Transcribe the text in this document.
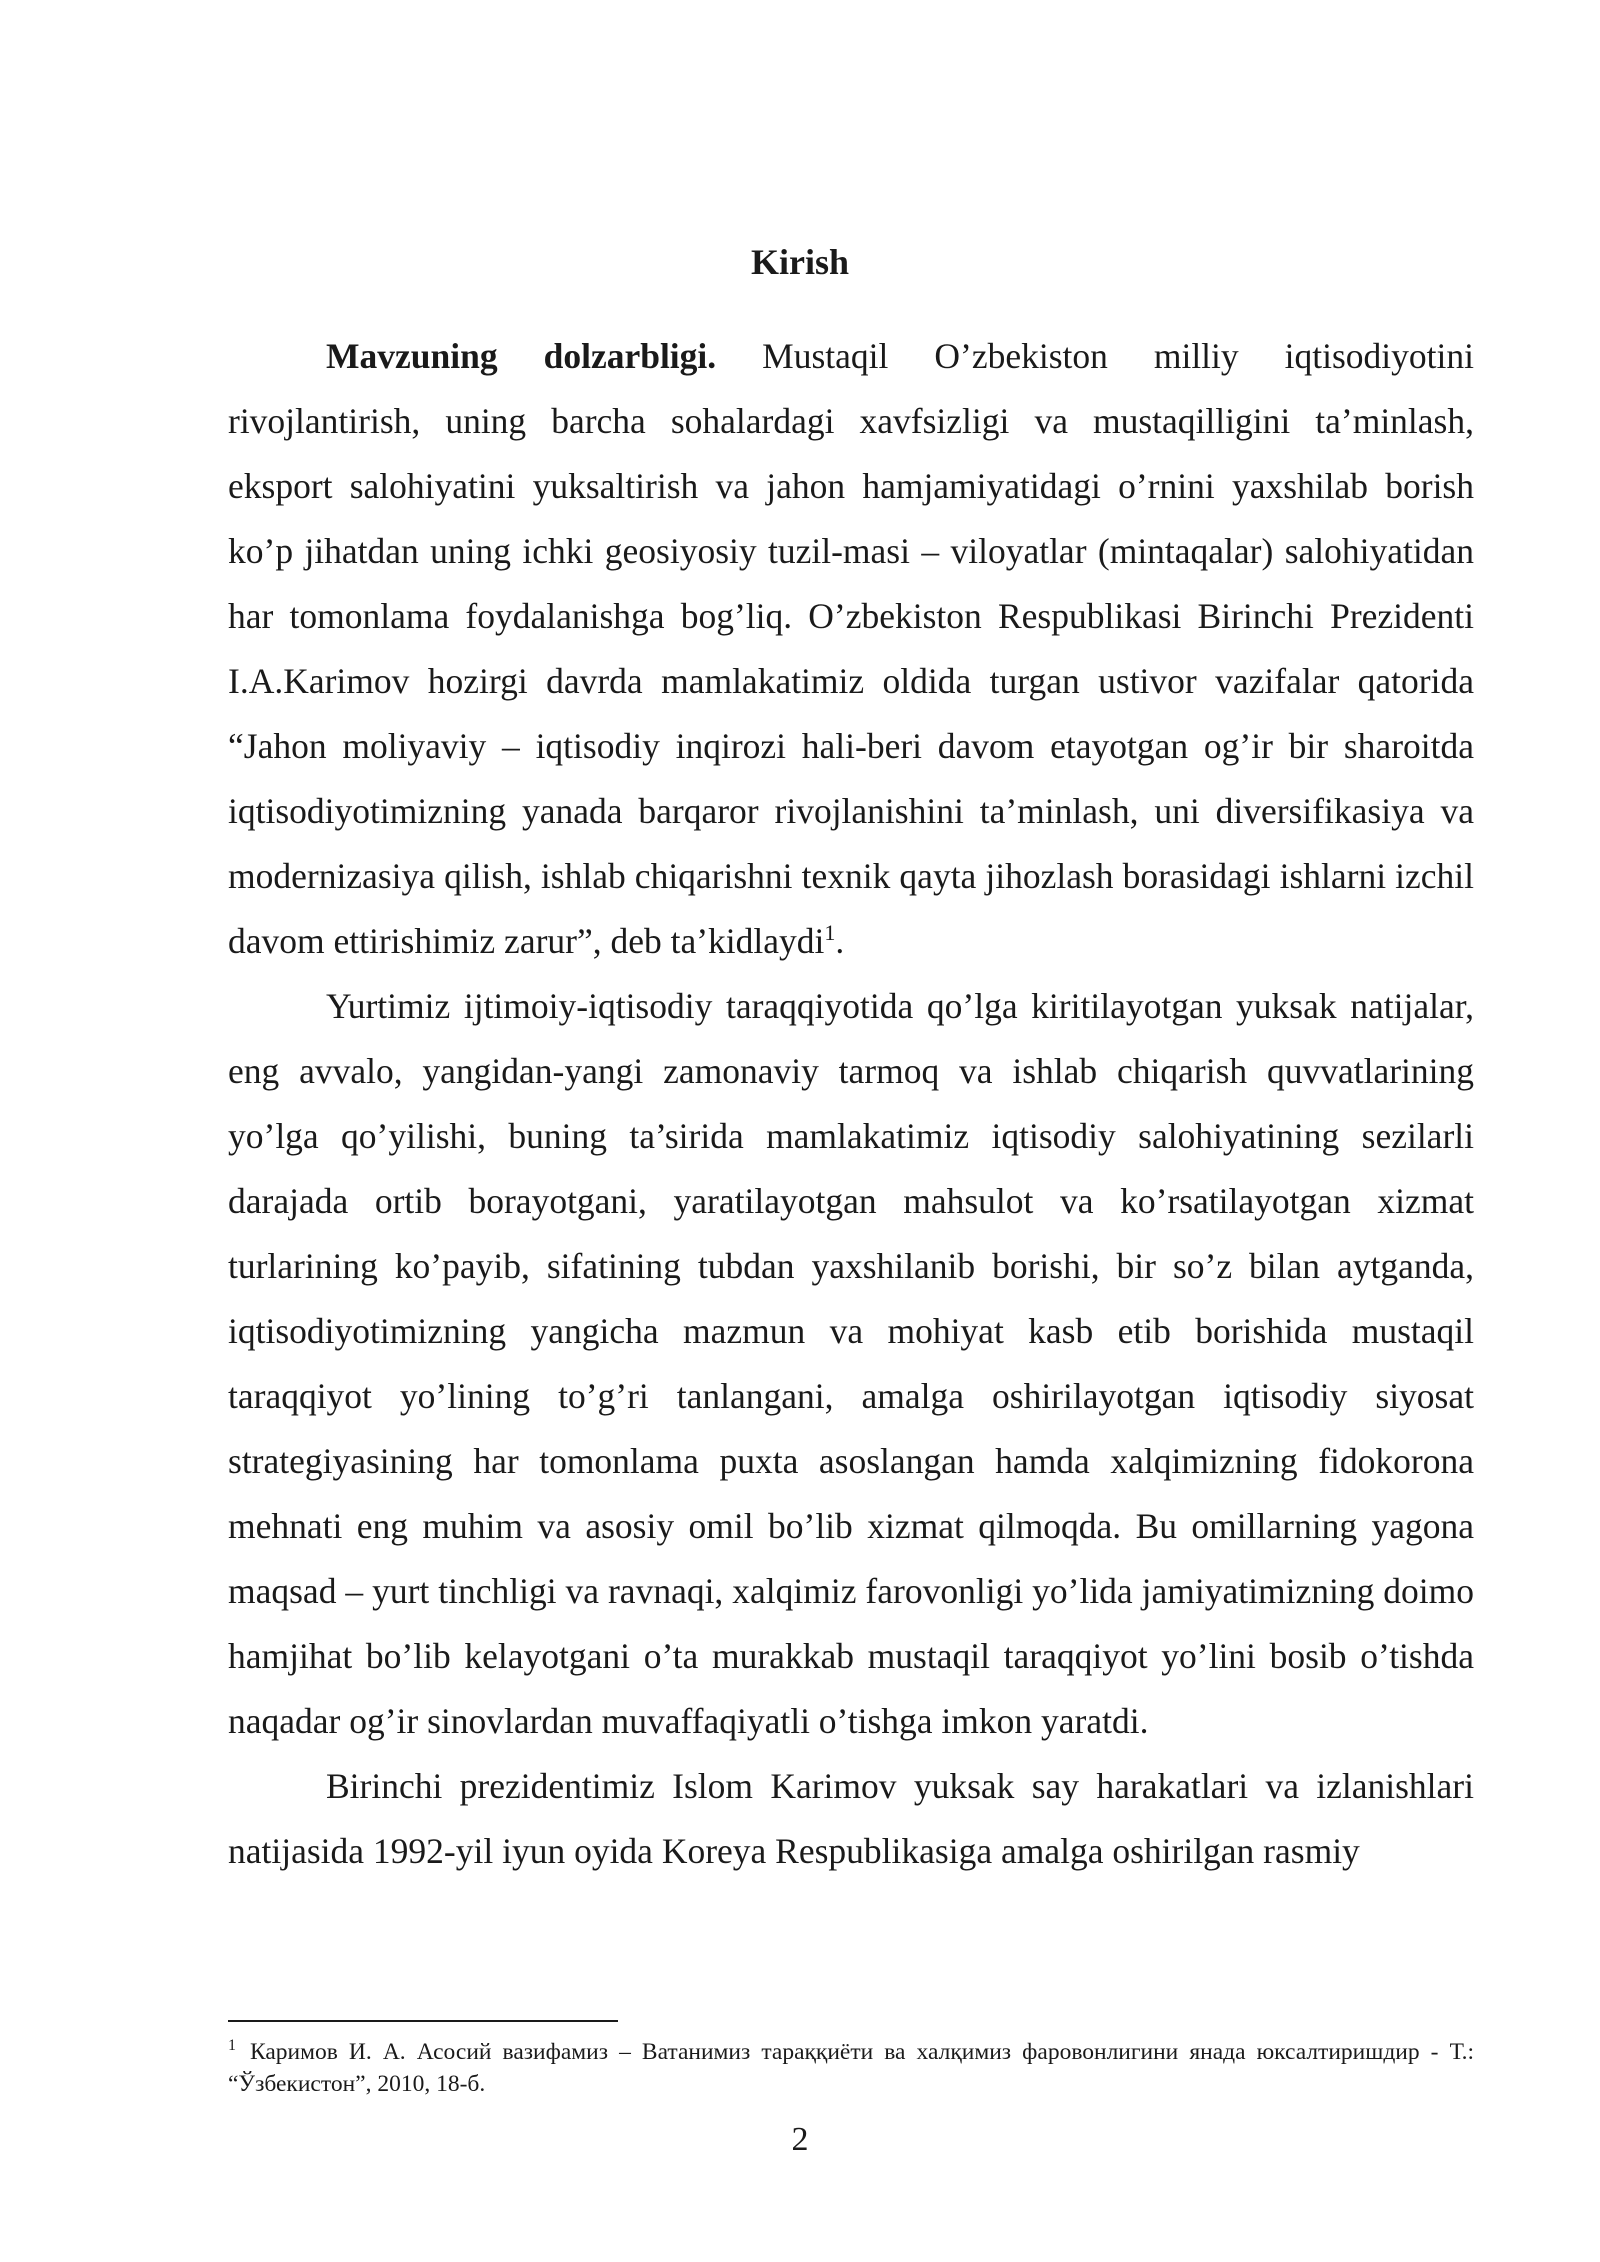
Kirish

Mavzuning dolzarbligi. Mustaqil O’zbekiston milliy iqtisodiyotini rivojlantirish, uning barcha sohalardagi xavfsizligi va mustaqilligini ta’minlash, eksport salohiyatini yuksaltirish va jahon hamjamiyatidagi o’rnini yaxshilab borish ko’p jihatdan uning ichki geosiyosiy tuzil-masi – viloyatlar (mintaqalar) salohiyatidan har tomonlama foydalanishga bog’liq. O’zbekiston Respublikasi Birinchi Prezidenti I.A.Karimov hozirgi davrda mamlakatimiz oldida turgan ustivor vazifalar qatorida “Jahon moliyaviy – iqtisodiy inqirozi hali-beri davom etayotgan og’ir bir sharoitda iqtisodiyotimizning yanada barqaror rivojlanishini ta’minlash, uni diversifikasiya va modernizasiya qilish, ishlab chiqarishni texnik qayta jihozlash borasidagi ishlarni izchil davom ettirishimiz zarur”, deb ta’kidlaydi$^1$.

Yurtimiz ijtimoiy-iqtisodiy taraqqiyotida qo’lga kiritilayotgan yuksak natijalar, eng avvalo, yangidan-yangi zamonaviy tarmoq va ishlab chiqarish quvvatlarining yo’lga qo’yilishi, buning ta’sirida mamlakatimiz iqtisodiy salohiyatining sezilarli darajada ortib borayotgani, yaratilayotgan mahsulot va ko’rsatilayotgan xizmat turlarining ko’payib, sifatining tubdan yaxshilanib borishi, bir so’z bilan aytganda, iqtisodiyotimizning yangicha mazmun va mohiyat kasb etib borishida mustaqil taraqqiyot yo’lining to’g’ri tanlangani, amalga oshirilayotgan iqtisodiy siyosat strategiyasining har tomonlama puxta asoslangan hamda xalqimizning fidokorona mehnati eng muhim va asosiy omil bo’lib xizmat qilmoqda. Bu omillarning yagona maqsad – yurt tinchligi va ravnaqi, xalqimiz farovonligi yo’lida jamiyatimizning doimo hamjihat bo’lib kelayotgani o’ta murakkab mustaqil taraqqiyot yo’lini bosib o’tishda naqadar og’ir sinovlardan muvaffaqiyatli o’tishga imkon yaratdi.

Birinchi prezidentimiz Islom Karimov yuksak say harakatlari va izlanishlari natijasida 1992-yil iyun oyida Koreya Respublikasiga amalga oshirilgan rasmiy

$^1$ Каримов И. А. Асосий вазифамиз – Ватанимиз тараққиёти ва халқимиз фаровонлигини янада юксалтиришдир - Т.: “Ўзбекистон”, 2010, 18-б.

2
